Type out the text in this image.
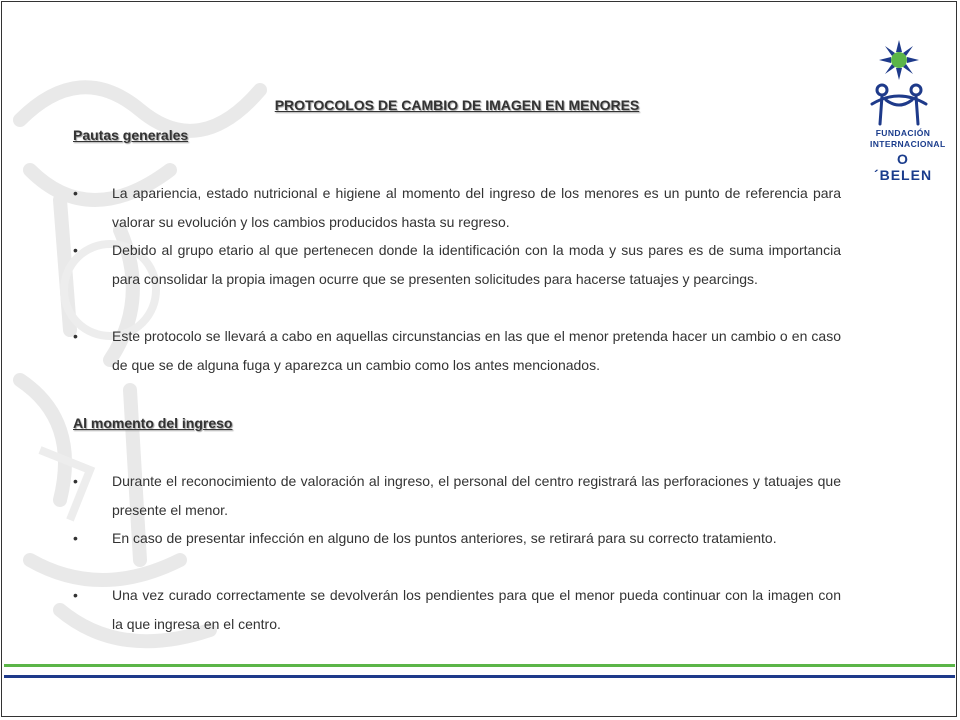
FUNDACIÓN
INTERNACIONAL
O´BELEN
PROTOCOLOS DE CAMBIO DE IMAGEN EN MENORES
Pautas generales
•	La apariencia, estado nutricional e higiene al momento del ingreso de los menores es un punto de referencia para valorar su evolución y los cambios producidos hasta su regreso.
•	Debido al grupo etario al que pertenecen donde la identificación con la moda y sus pares es de suma importancia para consolidar la propia imagen ocurre que se presenten solicitudes para hacerse tatuajes y pearcings.
•	Este protocolo se llevará a cabo en aquellas circunstancias en las que el menor pretenda hacer un cambio o en caso de que se de alguna fuga y aparezca un cambio como los antes mencionados.
Al momento del ingreso
•	Durante el reconocimiento de valoración al ingreso, el personal del centro registrará las perforaciones y tatuajes que presente el menor.
•	En caso de presentar infección en alguno de los puntos anteriores, se retirará para su correcto tratamiento.
•	Una vez curado correctamente se devolverán los pendientes para que el menor pueda continuar con la imagen con la que ingresa en el centro.
